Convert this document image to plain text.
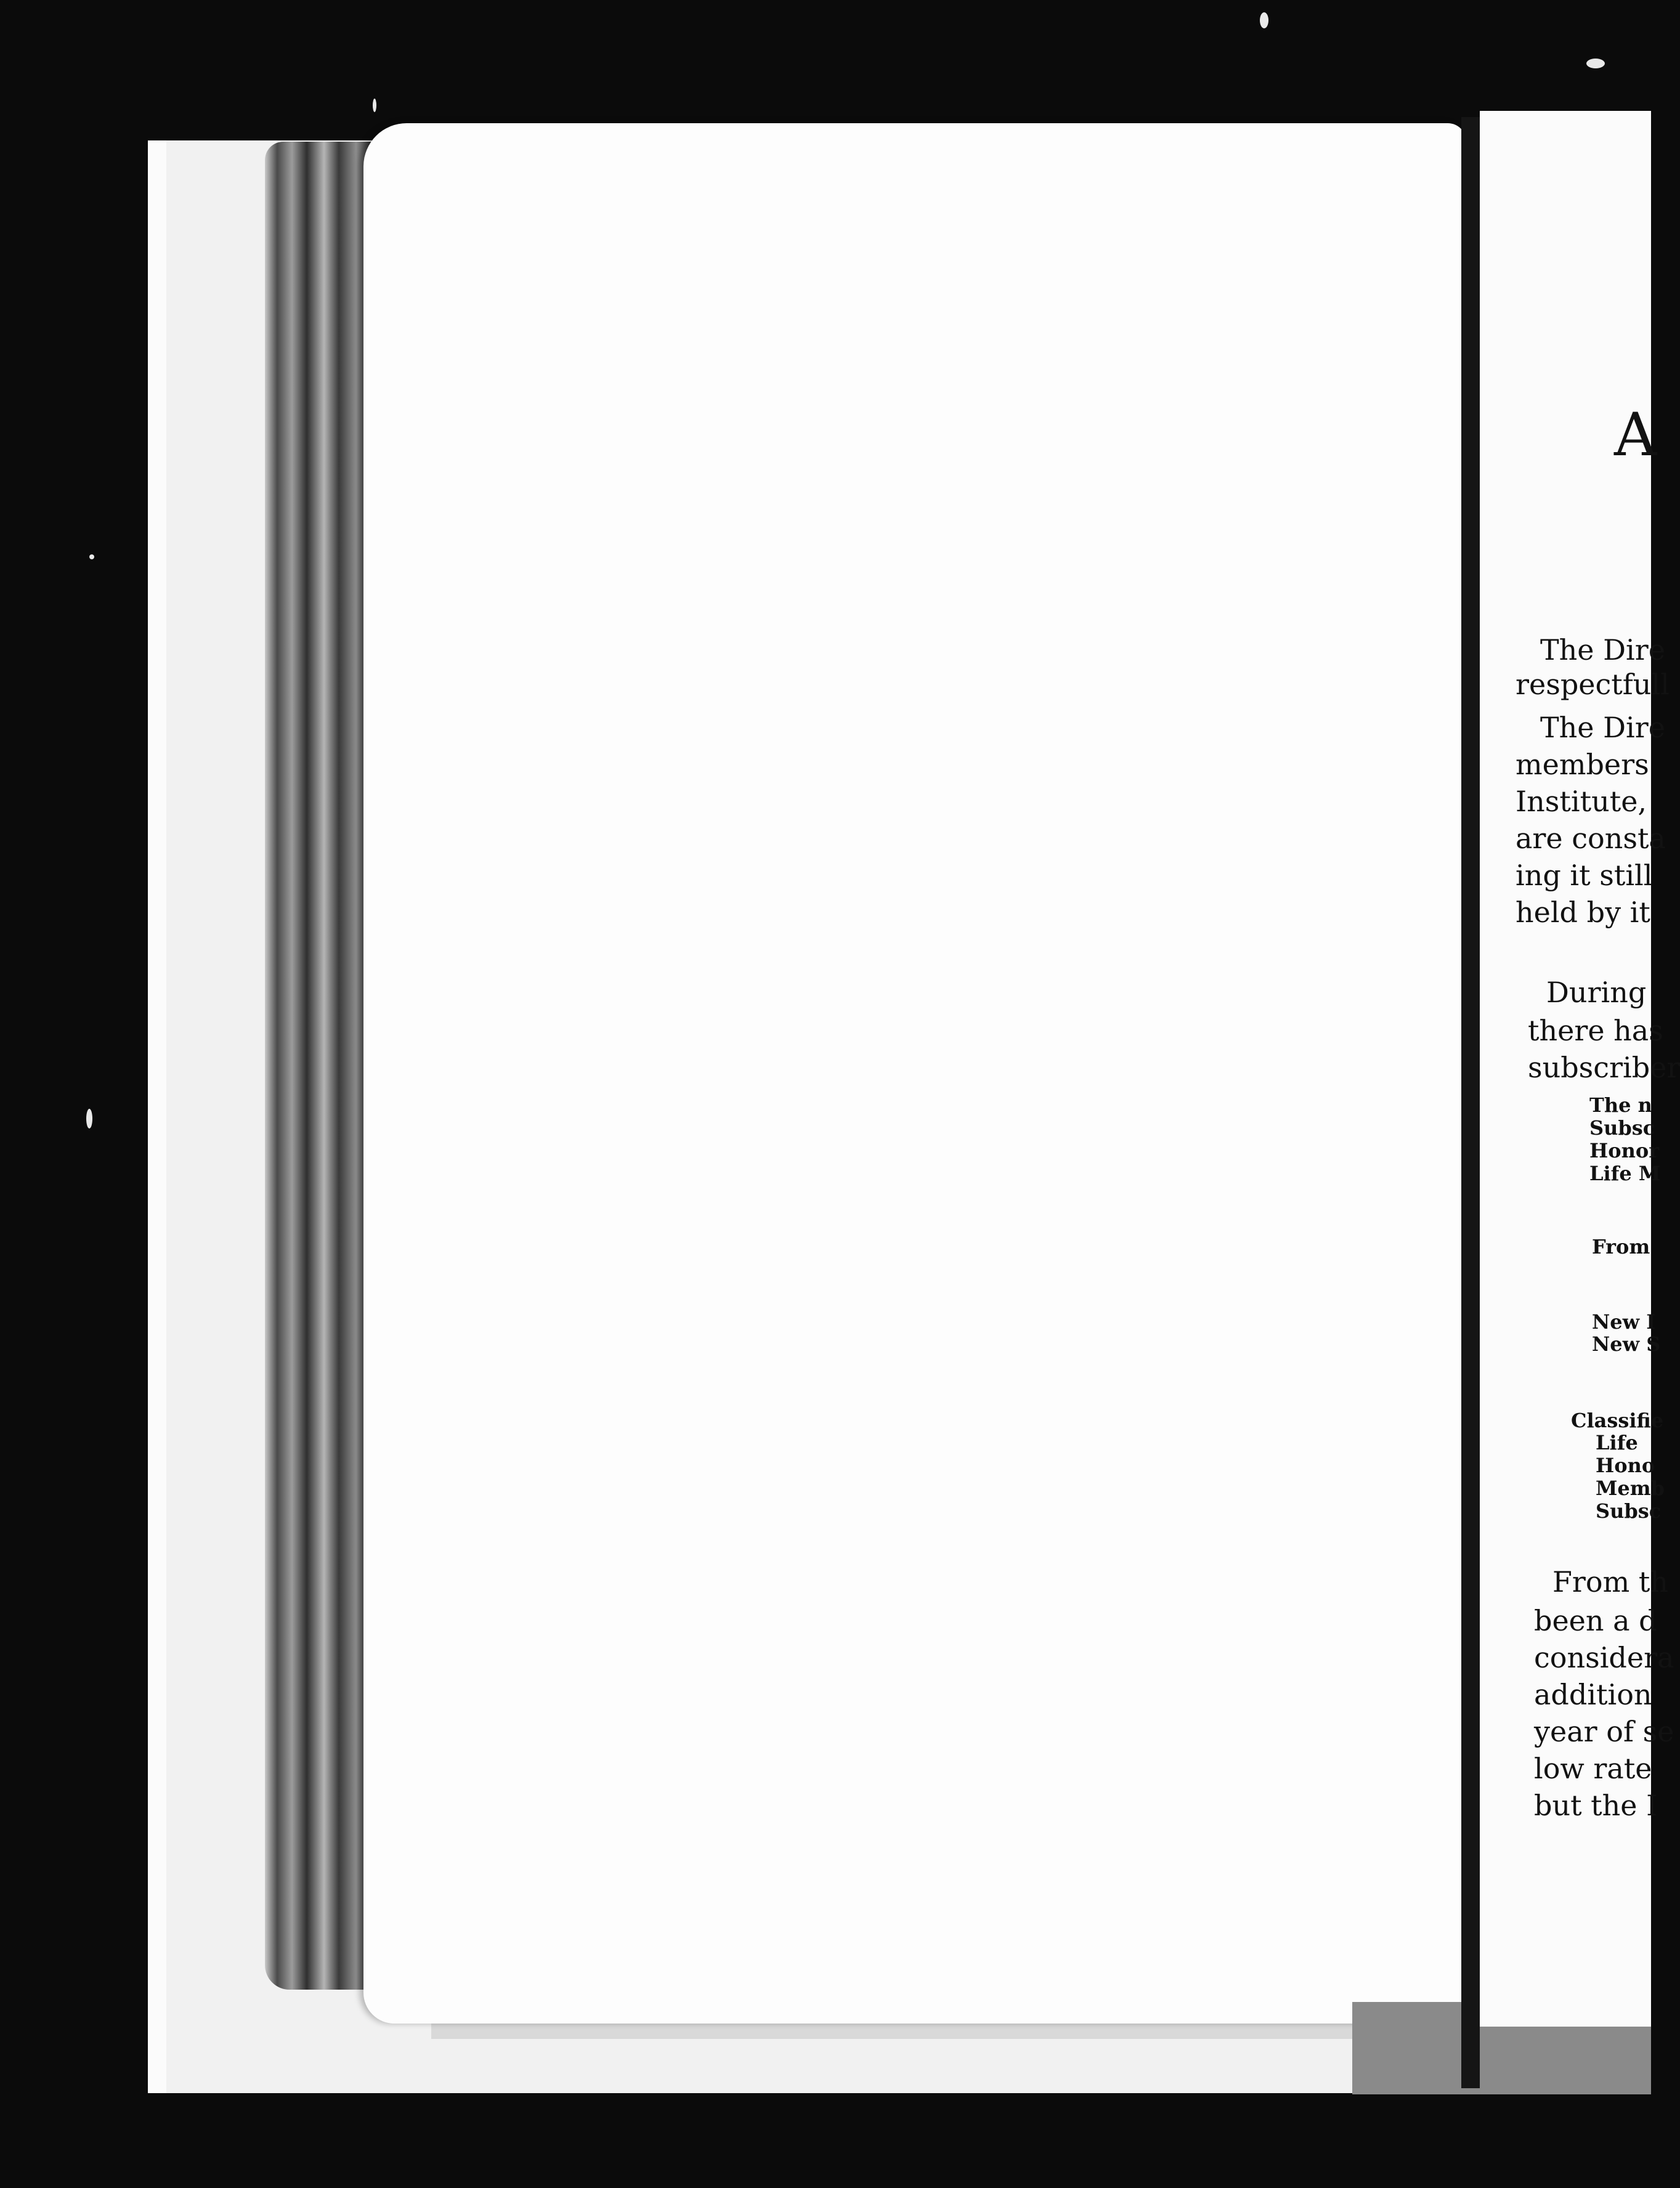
A
The Dire
respectfull
The Dire
members
Institute,
are consta
ing it still
held by it
During
there has
subscriber
The n
Subsc
Honor
Life M
From
New I
New S
Classifie
Life
Hono
Memb
Subsc
From th
been a d
considera
addition
year of se
low rate
but the I
